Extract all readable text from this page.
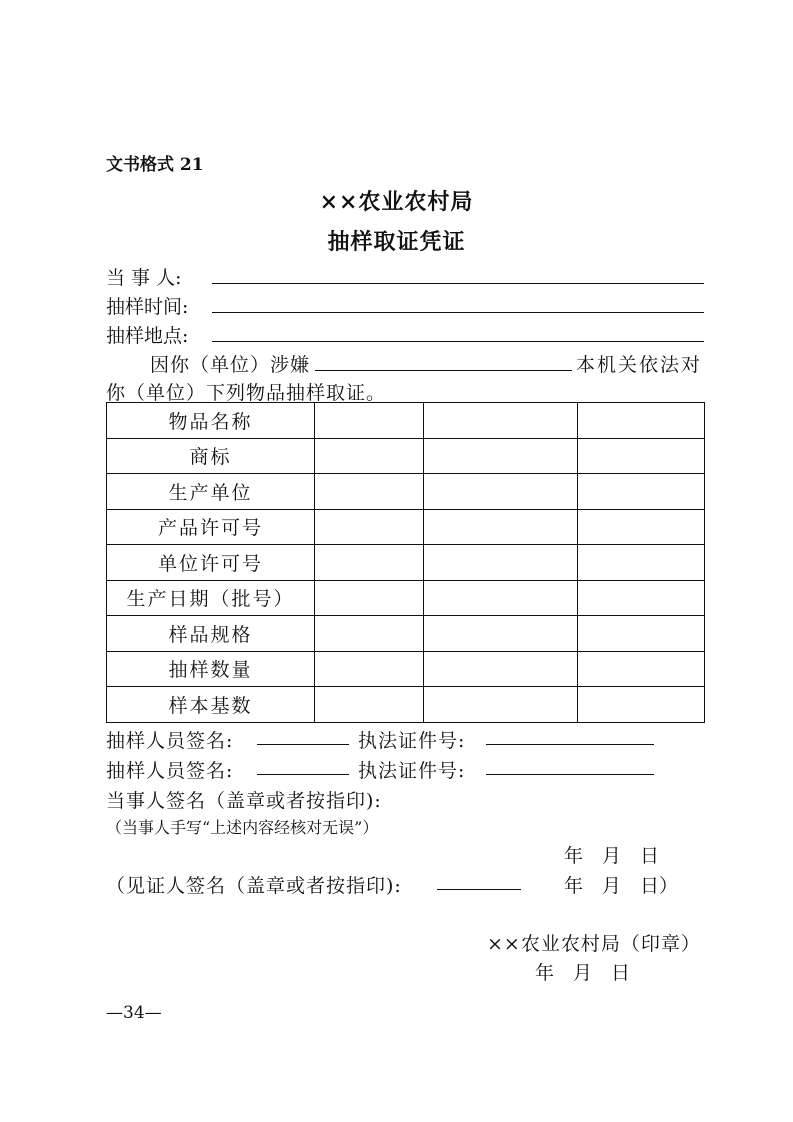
文书格式 21
××农业农村局
抽样取证凭证
当 事 人:
抽样时间:
抽样地点:
因你（单位）涉嫌	本机关依法对
你（单位）下列物品抽样取证。
物品名称			
商标			
生产单位			
产品许可号			
单位许可号			
生产日期（批号）			
样品规格			
抽样数量			
样本基数			
抽样人员签名:	执法证件号:
抽样人员签名:	执法证件号:
当事人签名（盖章或者按指印):
（当事人手写“上述内容经核对无误”）
年　月　日
（见证人签名（盖章或者按指印):	年　月　日）
××农业农村局（印章）
年　月　日
—34—
